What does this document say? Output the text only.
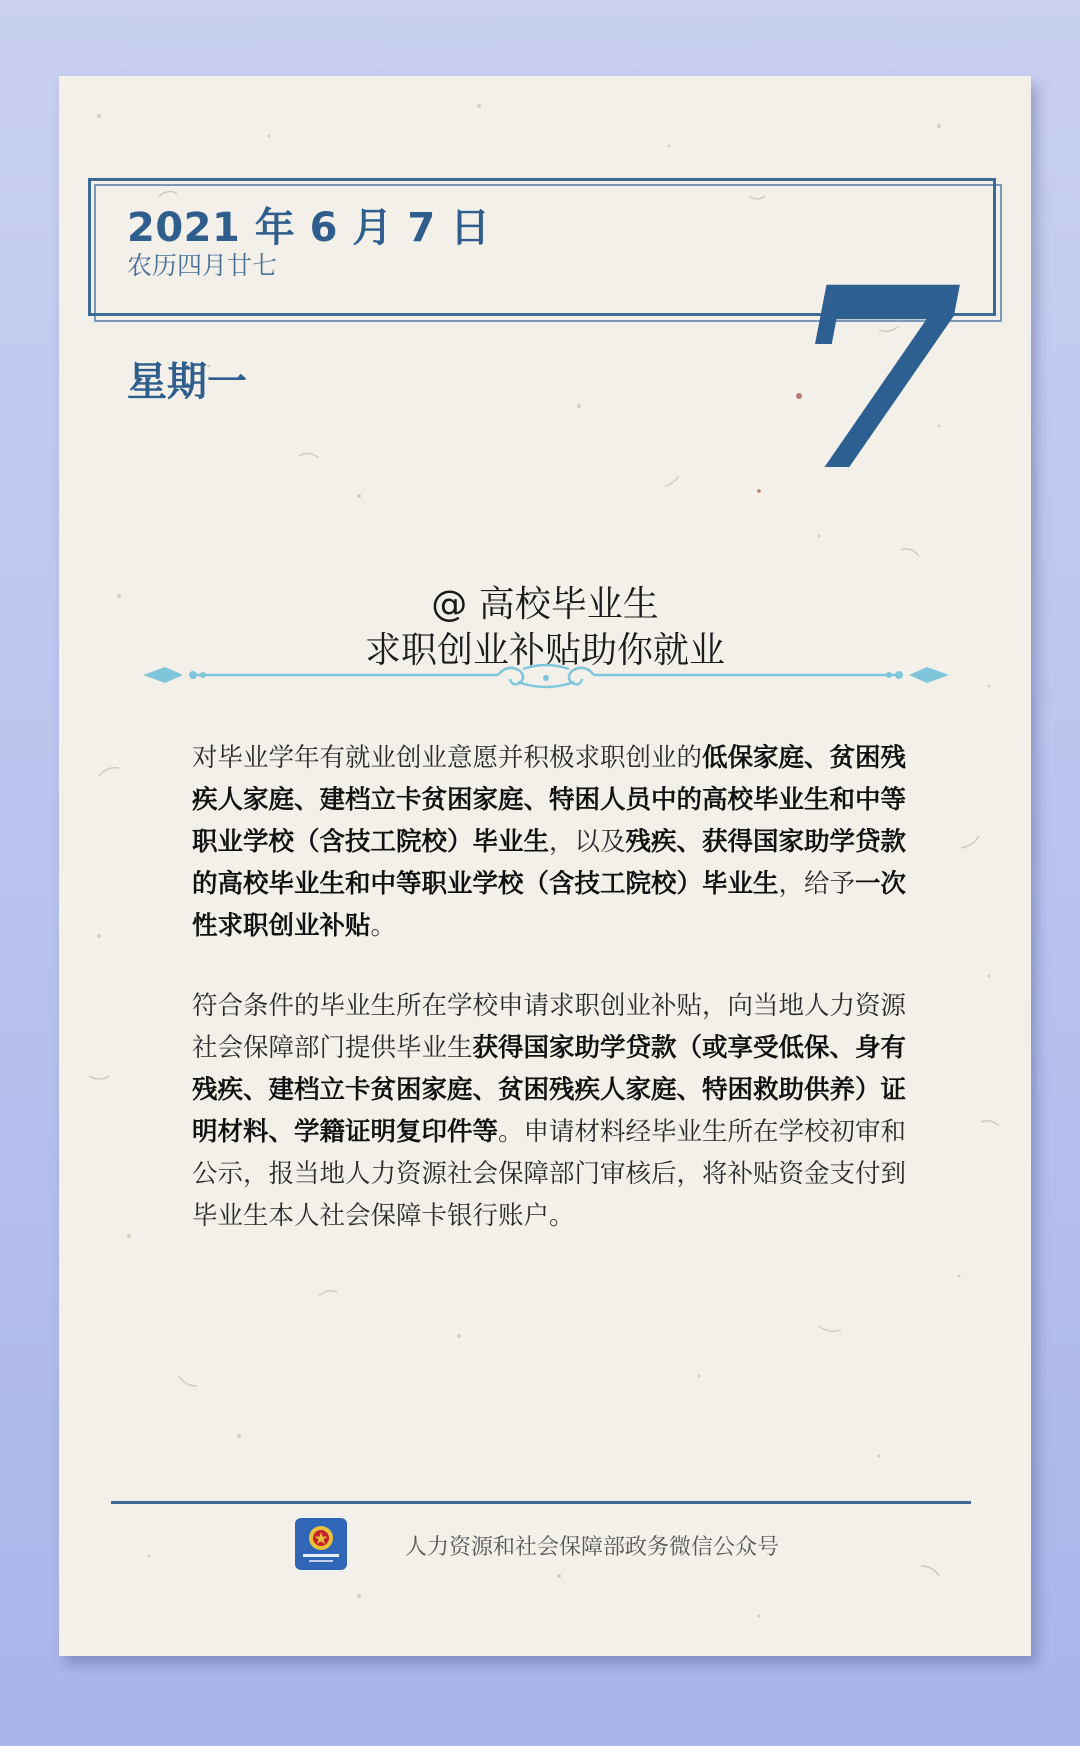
2021 年 6 月 7 日
农历四月廿七
星期一 7
@ 高校毕业生
求职创业补贴助你就业
对毕业学年有就业创业意愿并积极求职创业的低保家庭、贫困残疾人家庭、建档立卡贫困家庭、特困人员中的高校毕业生和中等职业学校（含技工院校）毕业生，以及残疾、获得国家助学贷款的高校毕业生和中等职业学校（含技工院校）毕业生，给予一次性求职创业补贴。
符合条件的毕业生所在学校申请求职创业补贴，向当地人力资源社会保障部门提供毕业生获得国家助学贷款（或享受低保、身有残疾、建档立卡贫困家庭、贫困残疾人家庭、特困救助供养）证明材料、学籍证明复印件等。申请材料经毕业生所在学校初审和公示，报当地人力资源社会保障部门审核后，将补贴资金支付到毕业生本人社会保障卡银行账户。
人力资源和社会保障部政务微信公众号
